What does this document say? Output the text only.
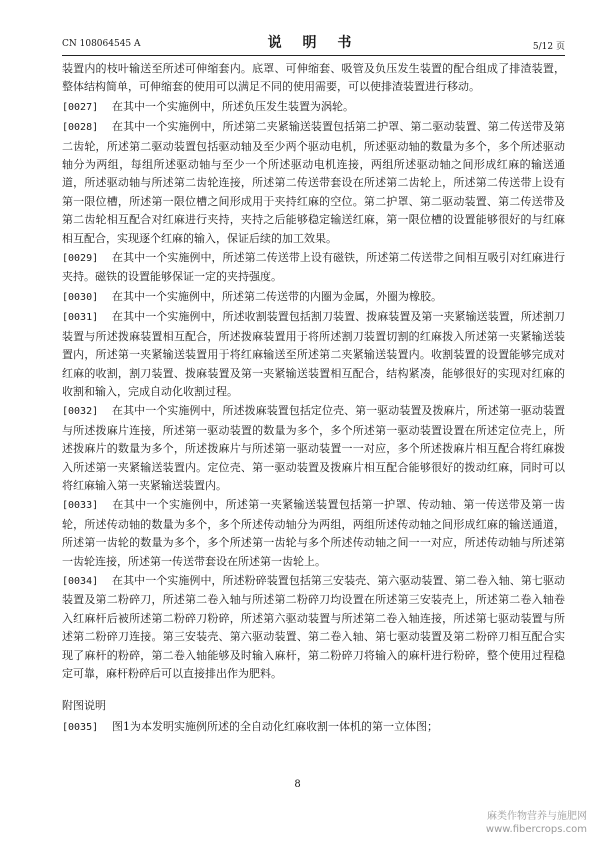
CN 108064545 A	说 明 书	5/12 页

装置内的枝叶输送至所述可伸缩套内。底罩、可伸缩套、吸管及负压发生装置的配合组成了排渣装置，整体结构简单，可伸缩套的使用可以满足不同的使用需要，可以使排渣装置进行移动。

[0027] 在其中一个实施例中，所述负压发生装置为涡轮。

[0028] 在其中一个实施例中，所述第二夹紧输送装置包括第二护罩、第二驱动装置、第二传送带及第二齿轮，所述第二驱动装置包括驱动轴及至少两个驱动电机，所述驱动轴的数量为多个，多个所述驱动轴分为两组，每组所述驱动轴与至少一个所述驱动电机连接，两组所述驱动轴之间形成红麻的输送通道，所述驱动轴与所述第二齿轮连接，所述第二传送带套设在所述第二齿轮上，所述第二传送带上设有第一限位槽，所述第一限位槽之间形成用于夹持红麻的空位。第二护罩、第二驱动装置、第二传送带及第二齿轮相互配合对红麻进行夹持，夹持之后能够稳定输送红麻，第一限位槽的设置能够很好的与红麻相互配合，实现逐个红麻的输入，保证后续的加工效果。

[0029] 在其中一个实施例中，所述第二传送带上设有磁铁，所述第二传送带之间相互吸引对红麻进行夹持。磁铁的设置能够保证一定的夹持强度。

[0030] 在其中一个实施例中，所述第二传送带的内圈为金属，外圈为橡胶。

[0031] 在其中一个实施例中，所述收割装置包括割刀装置、拨麻装置及第一夹紧输送装置，所述割刀装置与所述拨麻装置相互配合，所述拨麻装置用于将所述割刀装置切割的红麻拨入所述第一夹紧输送装置内，所述第一夹紧输送装置用于将红麻输送至所述第二夹紧输送装置内。收割装置的设置能够完成对红麻的收割，割刀装置、拨麻装置及第一夹紧输送装置相互配合，结构紧凑，能够很好的实现对红麻的收割和输入，完成自动化收割过程。

[0032] 在其中一个实施例中，所述拨麻装置包括定位壳、第一驱动装置及拨麻片，所述第一驱动装置与所述拨麻片连接，所述第一驱动装置的数量为多个，多个所述第一驱动装置设置在所述定位壳上，所述拨麻片的数量为多个，所述拨麻片与所述第一驱动装置一一对应，多个所述拨麻片相互配合将红麻拨入所述第一夹紧输送装置内。定位壳、第一驱动装置及拨麻片相互配合能够很好的拨动红麻，同时可以将红麻输入第一夹紧输送装置内。

[0033] 在其中一个实施例中，所述第一夹紧输送装置包括第一护罩、传动轴、第一传送带及第一齿轮，所述传动轴的数量为多个，多个所述传动轴分为两组，两组所述传动轴之间形成红麻的输送通道，所述第一齿轮的数量为多个，多个所述第一齿轮与多个所述传动轴之间一一对应，所述传动轴与所述第一齿轮连接，所述第一传送带套设在所述第一齿轮上。

[0034] 在其中一个实施例中，所述粉碎装置包括第三安装壳、第六驱动装置、第二卷入轴、第七驱动装置及第二粉碎刀，所述第二卷入轴与所述第二粉碎刀均设置在所述第三安装壳上，所述第二卷入轴卷入红麻杆后被所述第二粉碎刀粉碎，所述第六驱动装置与所述第二卷入轴连接，所述第七驱动装置与所述第二粉碎刀连接。第三安装壳、第六驱动装置、第二卷入轴、第七驱动装置及第二粉碎刀相互配合实现了麻杆的粉碎，第二卷入轴能够及时输入麻杆，第二粉碎刀将输入的麻杆进行粉碎，整个使用过程稳定可靠，麻杆粉碎后可以直接排出作为肥料。

附图说明

[0035] 图1为本发明实施例所述的全自动化红麻收割一体机的第一立体图；

8
麻类作物营养与施肥网
www.fibercrops.com
